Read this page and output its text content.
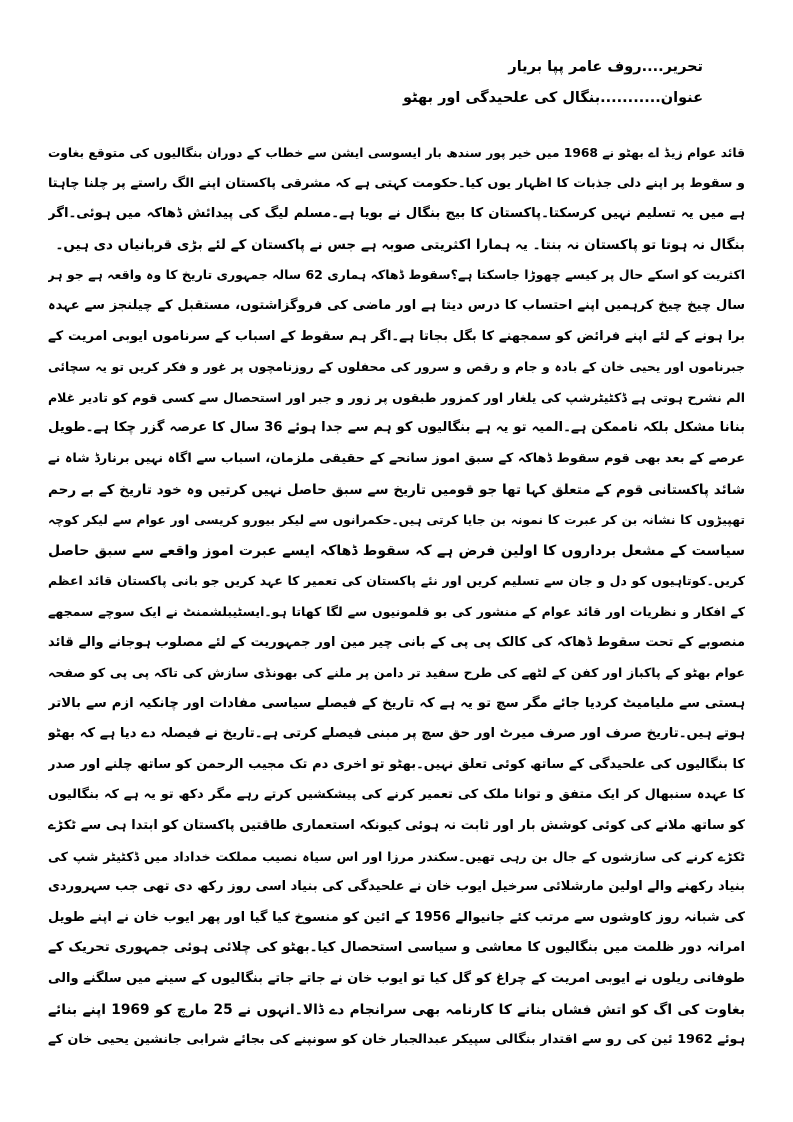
تحریر....روف عامر پپا بریار
عنوان...........بنگال کی علحیدگی اور بھٹو
قائد عوام زیڈ اے بھٹو نے 1968 میں خیر پور سندھ بار ایسوسی ایشن سے خطاب کے دوران بنگالیوں کی متوقع بغاوت
و سقوط پر اپنے دلی جذبات کا اظہار یوں کیا۔حکومت کہتی ہے کہ مشرقی پاکستان اپنے الگ راستے پر چلنا چاہتا
ہے میں یہ تسلیم نہیں کرسکتا۔پاکستان کا بیج بنگال نے بویا ہے۔مسلم لیگ کی پیدائش ڈھاکہ میں ہوئی۔اگر
بنگال نہ ہوتا تو پاکستان نہ بنتا۔ یہ ہمارا اکثریتی صوبہ ہے جس نے پاکستان کے لئے بڑی قربانیاں دی ہیں۔
اکثریت کو اسکے حال پر کیسے چھوڑا جاسکتا ہے؟سقوط ڈھاکہ ہماری 62 سالہ جمہوری تاریخ کا وہ واقعہ ہے جو ہر
سال چیخ چیخ کرہمیں اپنے احتساب کا درس دیتا ہے اور ماضی کی فروگزاشتوں، مستقبل کے چیلنجز سے عہدہ
برا ہونے کے لئے اپنے فرائض کو سمجھنے کا بگل بجاتا ہے۔اگر ہم سقوط کے اسباب کے سرناموں ایوبی امریت کے
جبرناموں اور یحیی خان کے بادہ و جام و رقص و سرور کی محفلوں کے روزنامچوں پر غور و فکر کریں تو یہ سچائی
الم نشرح ہوتی ہے ڈکٹیٹرشپ کی یلغار اور کمزور طبقوں پر زور و جبر اور استحصال سے کسی قوم کو تادیر غلام
بنانا مشکل بلکہ ناممکن ہے۔المیہ تو یہ ہے بنگالیوں کو ہم سے جدا ہوئے 36 سال کا عرصہ گزر چکا ہے۔طویل
عرصے کے بعد بھی قوم سقوط ڈھاکہ کے سبق اموز سانحے کے حقیقی ملزمان، اسباب سے اگاہ نہیں برنارڈ شاہ نے
شائد پاکستانی قوم کے متعلق کہا تھا جو قومیں تاریخ سے سبق حاصل نہیں کرتیں وہ خود تاریخ کے بے رحم
تھپیڑوں کا نشانہ بن کر عبرت کا نمونہ بن جایا کرتی ہیں۔حکمرانوں سے لیکر بیورو کریسی اور عوام سے لیکر کوچہ
سیاست کے مشعل برداروں کا اولین فرض ہے کہ سقوط ڈھاکہ ایسے عبرت اموز واقعے سے سبق حاصل
کریں۔کوتاہیوں کو دل و جان سے تسلیم کریں اور نئے پاکستان کی تعمیر کا عہد کریں جو بانی پاکستان قائد اعظم
کے افکار و نظریات اور قائد عوام کے منشور کی بو قلمونیوں سے لگا کھاتا ہو۔ایسٹیبلشمنٹ نے ایک سوچے سمجھے
منصوبے کے تحت سقوط ڈھاکہ کی کالک پی پی کے بانی چیر مین اور جمہوریت کے لئے مصلوب ہوجانے والے قائد
عوام بھٹو کے پاکباز اور کفن کے لٹھے کی طرح سفید تر دامن پر ملنے کی بھونڈی سازش کی تاکہ پی پی کو صفحہ
ہستی سے ملیامیٹ کردیا جائے مگر سچ تو یہ ہے کہ تاریخ کے فیصلے سیاسی مفادات اور چانکیہ ازم سے بالاتر
ہوتے ہیں۔تاریخ صرف اور صرف میرٹ اور حق سچ پر مبنی فیصلے کرتی ہے۔تاریخ نے فیصلہ دے دیا ہے کہ بھٹو
کا بنگالیوں کی علحیدگی کے ساتھ کوئی تعلق نہیں۔بھٹو تو اخری دم تک مجیب الرحمن کو ساتھ چلنے اور صدر
کا عہدہ سنبھال کر ایک متفق و توانا ملک کی تعمیر کرنے کی پیشکشیں کرتے رہے مگر دکھ تو یہ ہے کہ بنگالیوں
کو ساتھ ملانے کی کوئی کوشش بار اور ثابت نہ ہوئی کیونکہ استعماری طاقتیں پاکستان کو ابتدا ہی سے ٹکڑے
ٹکڑے کرنے کی سازشوں کے جال بن رہی تھیں۔سکندر مرزا اور اس سیاہ نصیب مملکت خداداد میں ڈکٹیٹر شپ کی
بنیاد رکھنے والے اولین مارشلائی سرخیل ایوب خان نے علحیدگی کی بنیاد اسی روز رکھ دی تھی جب سہروردی
کی شبانہ روز کاوشوں سے مرتب کئے جانیوالے 1956 کے ائین کو منسوخ کیا گیا اور پھر ایوب خان نے اپنے طویل
امرانہ دور ظلمت میں بنگالیوں کا معاشی و سیاسی استحصال کیا۔بھٹو کی چلائی ہوئی جمہوری تحریک کے
طوفانی ریلوں نے ایوبی امریت کے چراغ کو گل کیا تو ایوب خان نے جاتے جاتے بنگالیوں کے سینے میں سلگنے والی
بغاوت کی اگ کو اتش فشاں بنانے کا کارنامہ بھی سرانجام دے ڈالا۔انہوں نے 25 مارچ کو 1969 اپنے بنائے
ہوئے 1962 ئین کی رو سے اقتدار بنگالی سپیکر عبدالجبار خان کو سونپنے کی بجائے شرابی جانشین یحیی خان کے
